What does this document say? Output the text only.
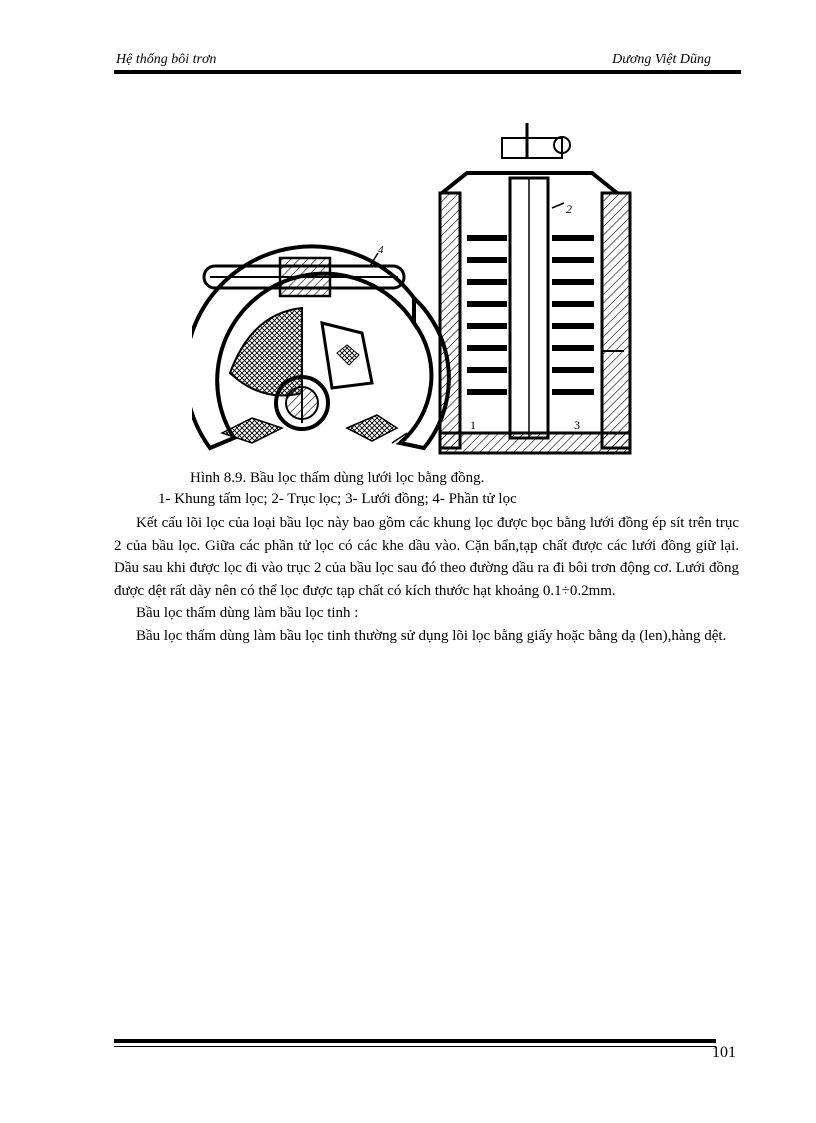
Hệ thống bôi trơn	Dương Việt Dũng
4
1
2
1	3
Hình 8.9. Bầu lọc thấm dùng lưới lọc bằng đồng.
1- Khung tấm lọc; 2- Trục lọc; 3- Lưới đồng; 4- Phần tử lọc

Kết cấu lõi lọc của loại bầu lọc này bao gồm các khung lọc được bọc bằng lưới đồng ép sít trên trục 2 của bầu lọc. Giữa các phần tử lọc có các khe dầu vào. Cặn bẩn,tạp chất được các lưới đồng giữ lại. Dầu sau khi được lọc đi vào trục 2 của bầu lọc sau đó theo đường dầu ra đi bôi trơn động cơ. Lưới đồng được dệt rất dày nên có thể lọc được tạp chất có kích thước hạt khoảng 0.1÷0.2mm.

Bầu lọc thấm dùng làm bầu lọc tinh :

Bầu lọc thấm dùng làm bầu lọc tinh thường sử dụng lõi lọc bằng giấy hoặc bằng dạ (len),hàng dệt.

101
